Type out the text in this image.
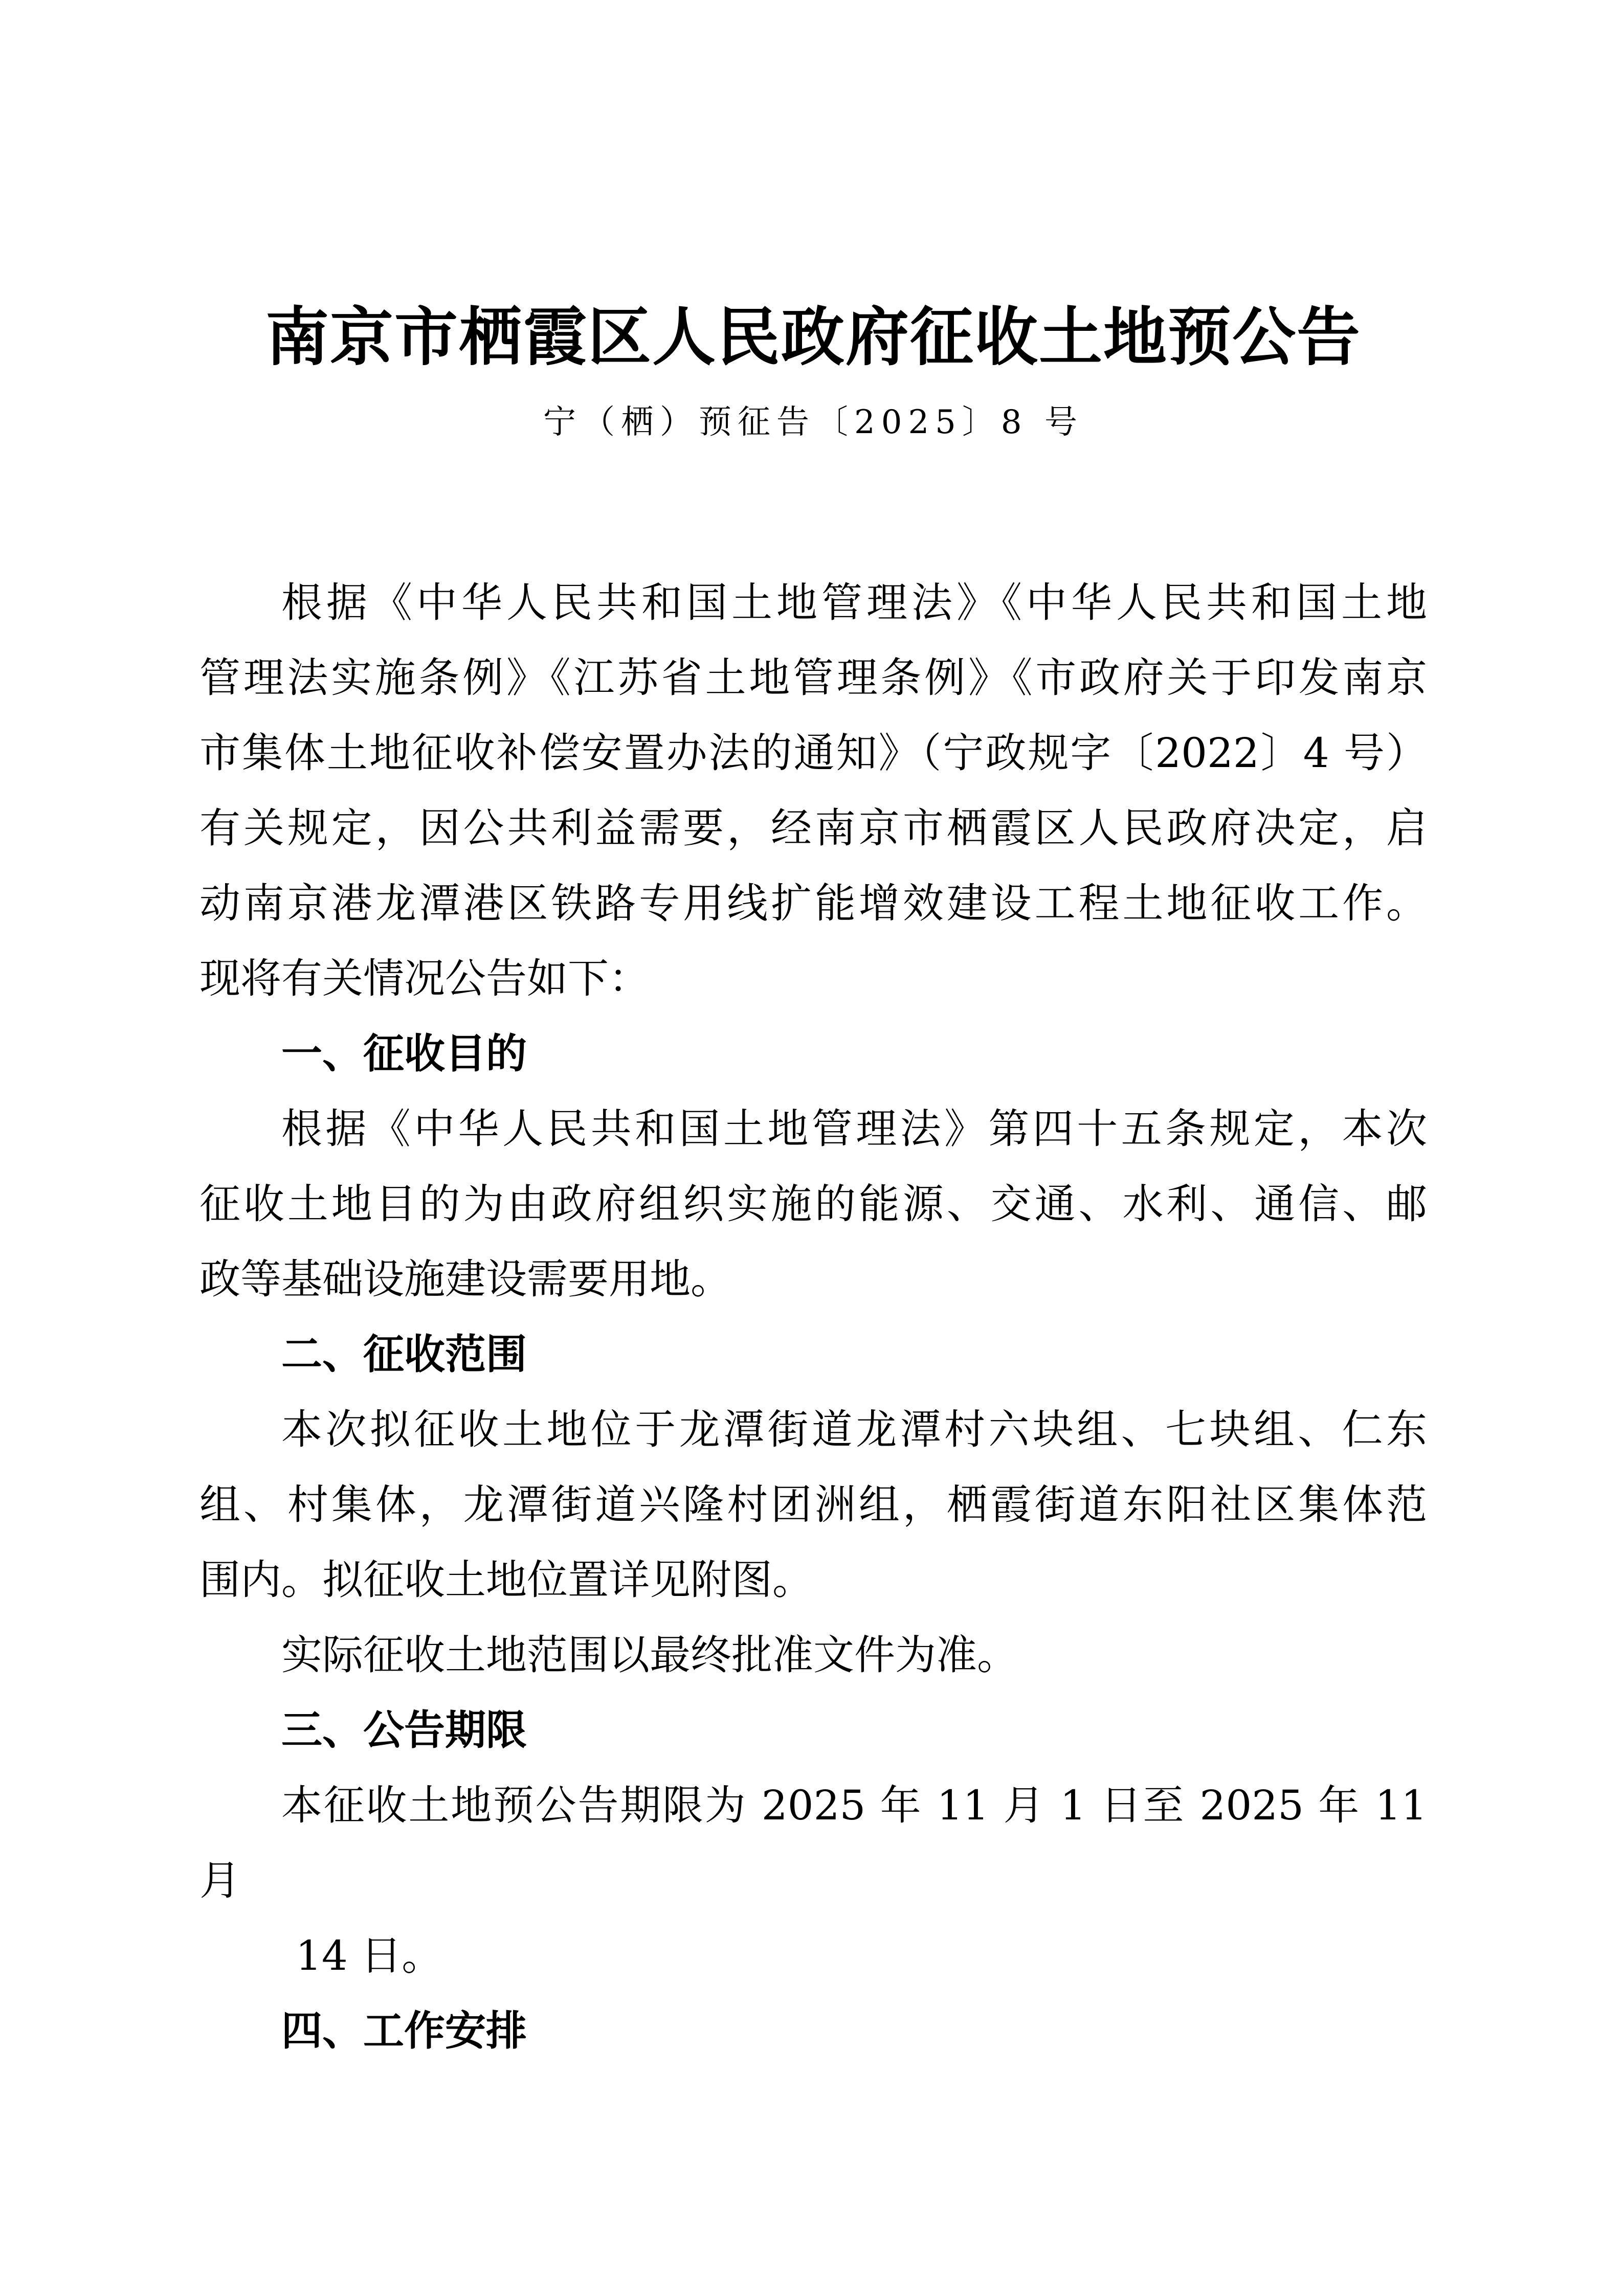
南京市栖霞区人民政府征收土地预公告
宁（栖）预征告〔2025〕8 号
根据《中华人民共和国土地管理法》《中华人民共和国土地
管理法实施条例》《江苏省土地管理条例》《市政府关于印发南京
市集体土地征收补偿安置办法的通知》（宁政规字〔2022〕4 号）
有关规定，因公共利益需要，经南京市栖霞区人民政府决定，启
动南京港龙潭港区铁路专用线扩能增效建设工程土地征收工作。
现将有关情况公告如下：
一、征收目的
根据《中华人民共和国土地管理法》第四十五条规定，本次
征收土地目的为由政府组织实施的能源、交通、水利、通信、邮
政等基础设施建设需要用地。
二、征收范围
本次拟征收土地位于龙潭街道龙潭村六块组、七块组、仁东
组、村集体，龙潭街道兴隆村团洲组，栖霞街道东阳社区集体范
围内。拟征收土地位置详见附图。
实际征收土地范围以最终批准文件为准。
三、公告期限
本征收土地预公告期限为 2025 年 11 月 1 日至 2025 年 11 月
14 日。
四、工作安排
